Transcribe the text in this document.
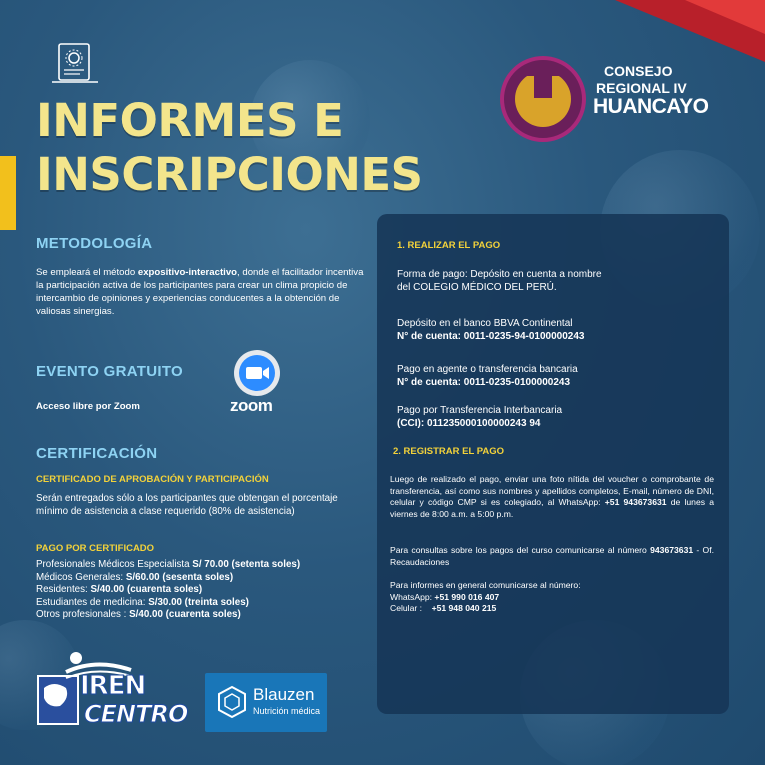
INFORMES E
INSCRIPCIONES
CONSEJO
REGIONAL IV
HUANCAYO
METODOLOGÍA
Se empleará el método expositivo-interactivo, donde el facilitador incentiva la participación activa de los participantes para crear un clima propicio de intercambio de opiniones y experiencias conducentes a la obtención de valiosas sinergias.
EVENTO GRATUITO
Acceso libre por Zoom	zoom
CERTIFICACIÓN
CERTIFICADO DE APROBACIÓN Y PARTICIPACIÓN
Serán entregados sólo a los participantes que obtengan el porcentaje mínimo de asistencia a clase requerido (80% de asistencia)
PAGO POR CERTIFICADO
Profesionales Médicos Especialista S/ 70.00 (setenta soles)
Médicos Generales: S/60.00 (sesenta soles)
Residentes: S/40.00 (cuarenta soles)
Estudiantes de medicina: S/30.00 (treinta soles)
Otros profesionales : S/40.00 (cuarenta soles)
1. REALIZAR EL PAGO
Forma de pago: Depósito en cuenta a nombre del COLEGIO MÉDICO DEL PERÚ.
Depósito en el banco BBVA Continental
N° de cuenta: 0011-0235-94-0100000243
Pago en agente o transferencia bancaria
N° de cuenta: 0011-0235-0100000243
Pago por Transferencia Interbancaria
(CCI): 011235000100000243 94
2. REGISTRAR EL PAGO
Luego de realizado el pago, enviar una foto nítida del voucher o comprobante de transferencia, así como sus nombres y apellidos completos, E-mail, número de DNI, celular y código CMP si es colegiado, al WhatsApp: +51 943673631 de lunes a viernes de 8:00 a.m. a 5:00 p.m.
Para consultas sobre los pagos del curso comunicarse al número 943673631 - Of. Recaudaciones
Para informes en general comunicarse al número:
WhatsApp: +51 990 016 407
Celular : +51 948 040 215
IREN
CENTRO
Blauzen
Nutrición médica
